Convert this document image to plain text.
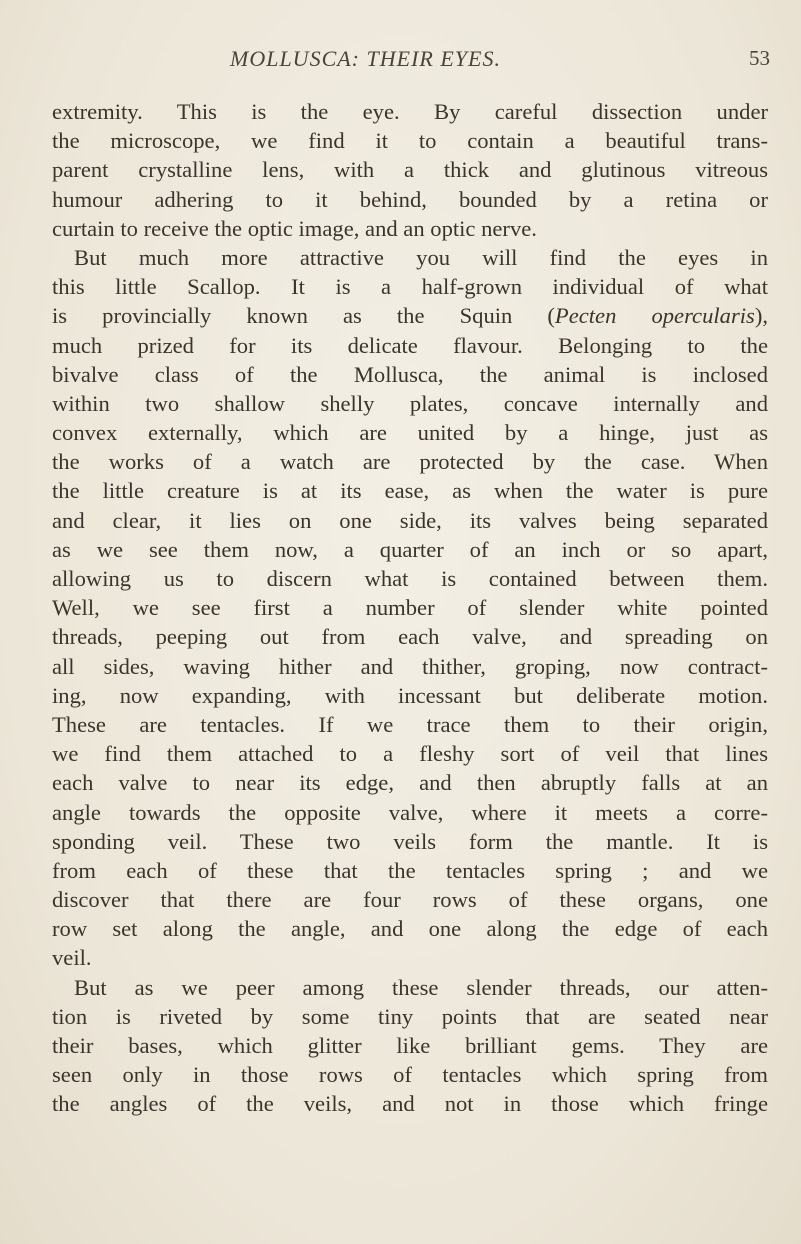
MOLLUSCA: THEIR EYES.	53
extremity. This is the eye. By careful dissection under
the microscope, we find it to contain a beautiful trans-
parent crystalline lens, with a thick and glutinous vitreous
humour adhering to it behind, bounded by a retina or
curtain to receive the optic image, and an optic nerve.
But much more attractive you will find the eyes in
this little Scallop. It is a half-grown individual of what
is provincially known as the Squin (Pecten opercularis),
much prized for its delicate flavour. Belonging to the
bivalve class of the Mollusca, the animal is inclosed
within two shallow shelly plates, concave internally and
convex externally, which are united by a hinge, just as
the works of a watch are protected by the case. When
the little creature is at its ease, as when the water is pure
and clear, it lies on one side, its valves being separated
as we see them now, a quarter of an inch or so apart,
allowing us to discern what is contained between them.
Well, we see first a number of slender white pointed
threads, peeping out from each valve, and spreading on
all sides, waving hither and thither, groping, now contract-
ing, now expanding, with incessant but deliberate motion.
These are tentacles. If we trace them to their origin,
we find them attached to a fleshy sort of veil that lines
each valve to near its edge, and then abruptly falls at an
angle towards the opposite valve, where it meets a corre-
sponding veil. These two veils form the mantle. It is
from each of these that the tentacles spring ; and we
discover that there are four rows of these organs, one
row set along the angle, and one along the edge of each
veil.
But as we peer among these slender threads, our atten-
tion is riveted by some tiny points that are seated near
their bases, which glitter like brilliant gems. They are
seen only in those rows of tentacles which spring from
the angles of the veils, and not in those which fringe
